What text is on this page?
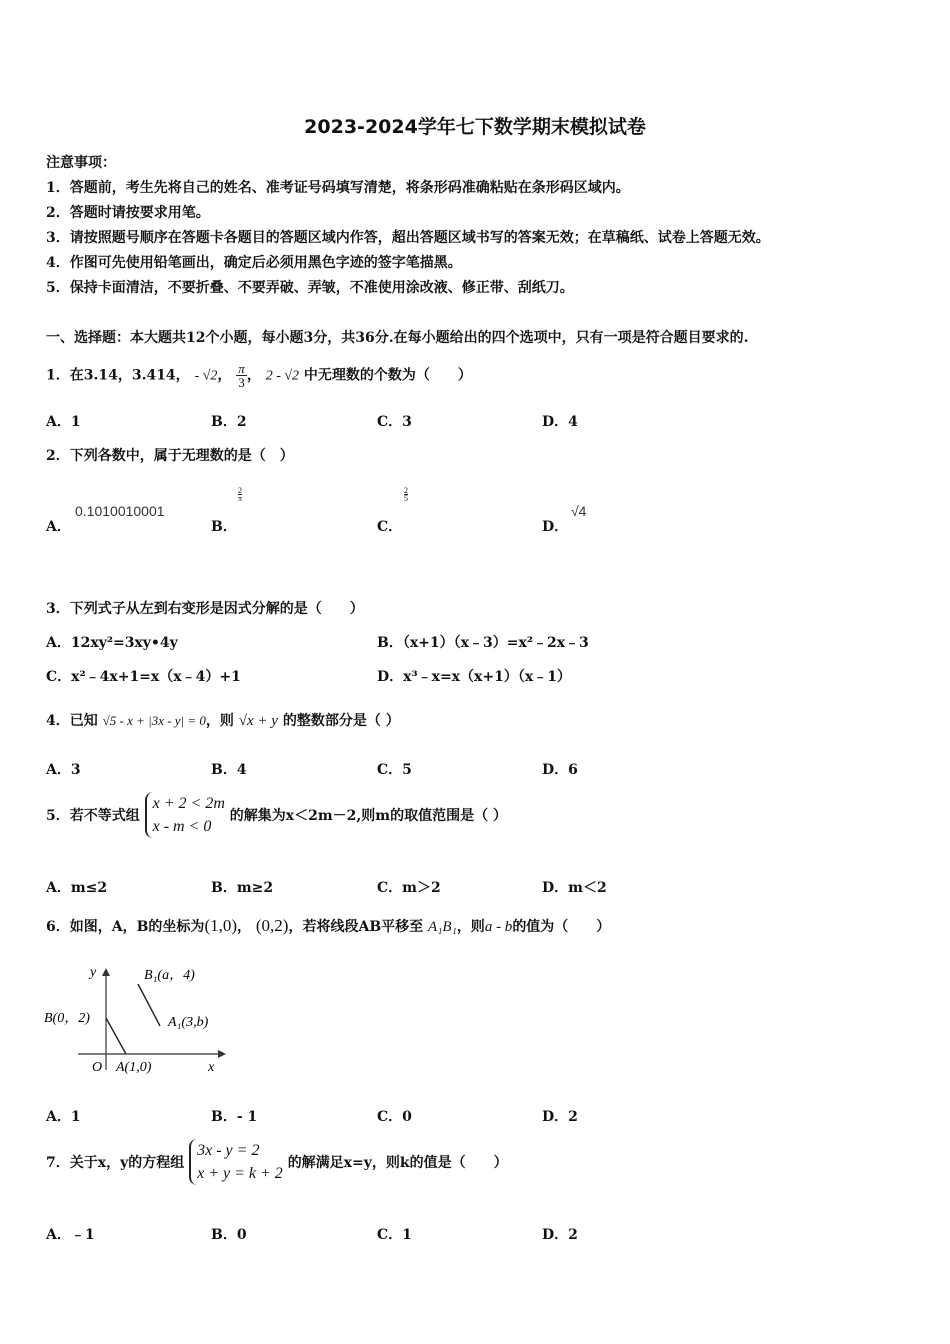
2023-2024学年七下数学期末模拟试卷
注意事项：
1．答题前，考生先将自己的姓名、准考证号码填写清楚，将条形码准确粘贴在条形码区域内。
2．答题时请按要求用笔。
3．请按照题号顺序在答题卡各题目的答题区域内作答，超出答题区域书写的答案无效；在草稿纸、试卷上答题无效。
4．作图可先使用铅笔画出，确定后必须用黑色字迹的签字笔描黑。
5．保持卡面清洁，不要折叠、不要弄破、弄皱，不准使用涂改液、修正带、刮纸刀。
一、选择题：本大题共12个小题，每小题3分，共36分.在每小题给出的四个选项中，只有一项是符合题目要求的.
1．在3.14，3.414， - √2， $\frac{\pi}{3}$ ， 2 - √2 中无理数的个数为（　　）
A．1	B．2	C．3	D．4
2．下列各数中，属于无理数的是（　）
A．
0.1010010001
B．
$\frac{2}{\pi}$
C．
$\frac{2}{5}$
D．
√4
3．下列式子从左到右变形是因式分解的是（　　）
A．12xy²=3xy•4y	B．（x+1）（x﹣3）=x²﹣2x﹣3
C．x²﹣4x+1=x（x﹣4）+1	D．x³﹣x=x（x+1）（x﹣1）
4．已知 √5 - x + |3x - y| = 0，则 √x + y 的整数部分是（ ）
A．3	B．4	C．5	D．6
5．若不等式组
x + 2 < 2m
x - m < 0
的解集为x＜2m－2,则m的取值范围是（ ）
A．m≤2	B．m≥2	C．m＞2	D．m＜2
6．如图，A，B的坐标为(1,0)， (0,2)，若将线段AB平移至 A₁B₁，则a - b的值为（　　）
y
x
O
B(0，2)
A(1,0)
B₁(a，4)
A₁(3,b)
A．1	B．- 1	C．0	D．2
7．关于x，y的方程组
3x - y = 2
x + y = k + 2
的解满足x=y，则k的值是（　　）
A．﹣1	B．0	C．1	D．2
